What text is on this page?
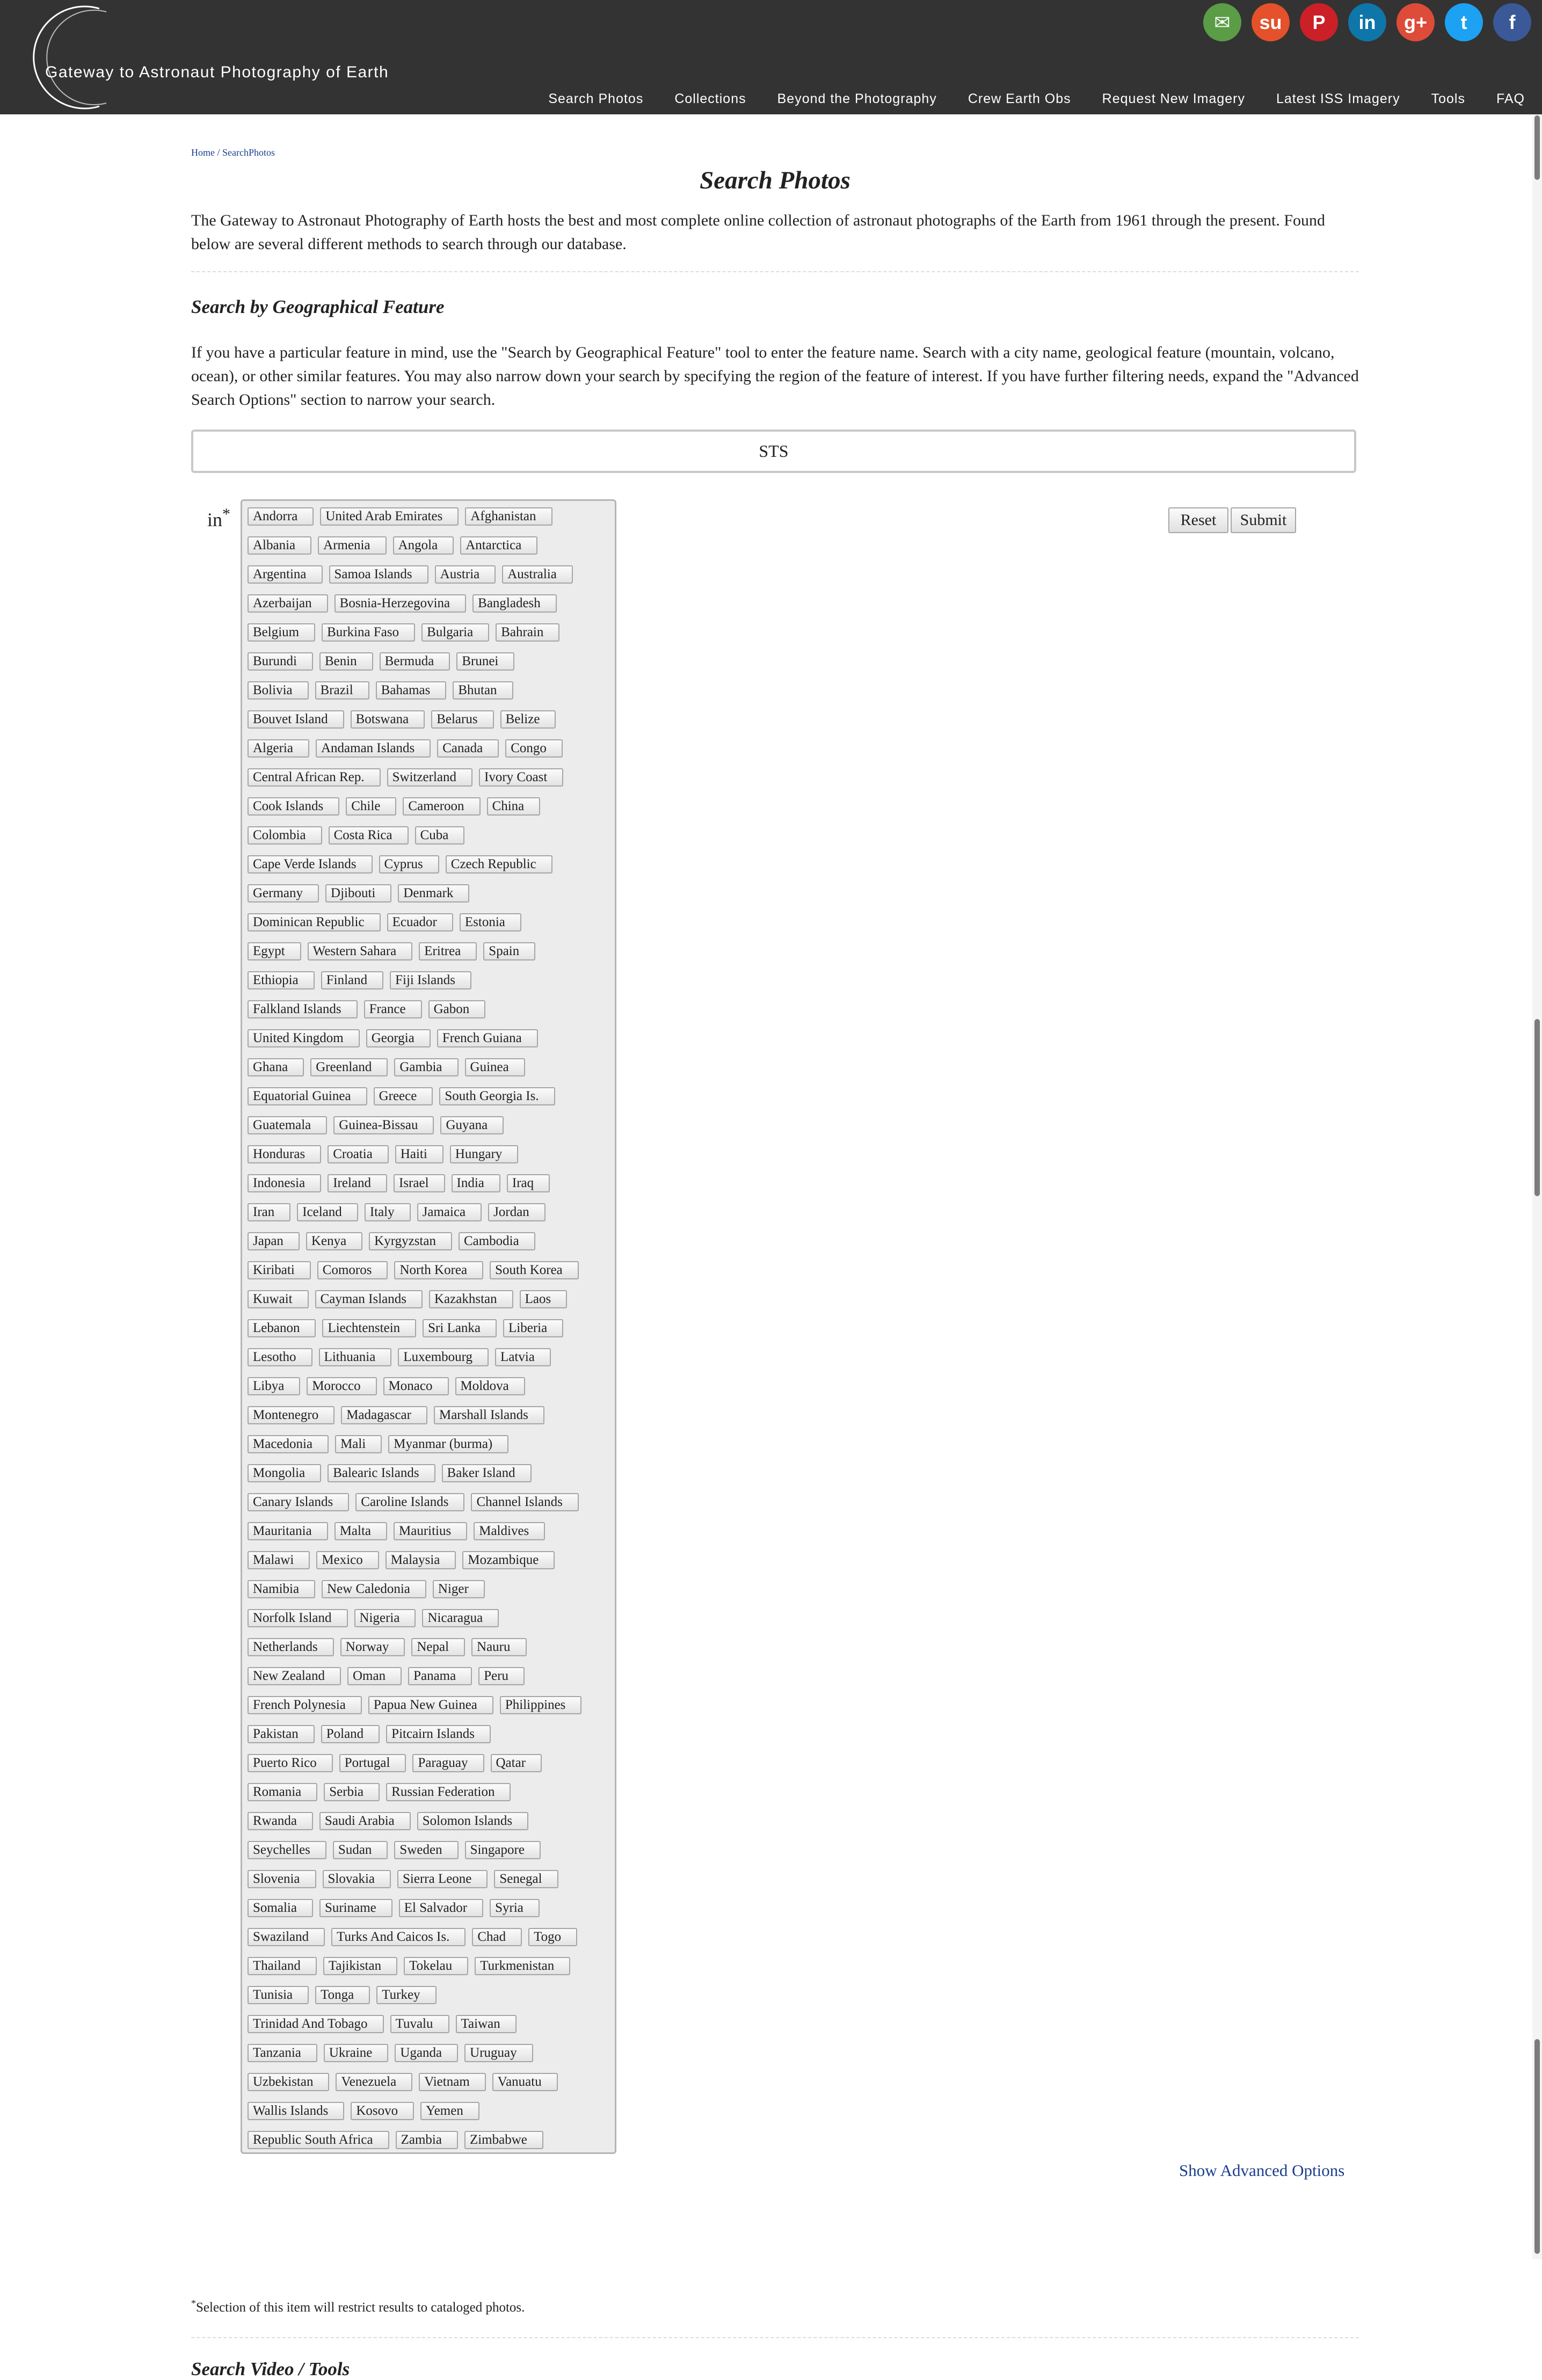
Gateway to Astronaut Photography of Earth
✉	su	P	in	g+	t	f
Search Photos Collections Beyond the Photography Crew Earth Obs Request New Imagery Latest ISS Imagery Tools FAQ
Home / SearchPhotos
Search Photos

The Gateway to Astronaut Photography of Earth hosts the best and most complete online collection of astronaut photographs of the Earth from 1961 through the present. Found below are several different methods to search through our database.

Search by Geographical Feature

If you have a particular feature in mind, use the "Search by Geographical Feature" tool to enter the feature name. Search with a city name, geological feature (mountain, volcano, ocean), or other similar features. You may also narrow down your search by specifying the region of the feature of interest. If you have further filtering needs, expand the "Advanced Search Options" section to narrow your search.

STS
in*	Andorra	United Arab Emirates	Afghanistan
Albania	Armenia	Angola	Antarctica
Argentina	Samoa Islands	Austria	Australia
Azerbaijan	Bosnia-Herzegovina	Bangladesh
Belgium	Burkina Faso	Bulgaria	Bahrain
Burundi	Benin	Bermuda	Brunei
Bolivia	Brazil	Bahamas	Bhutan
Bouvet Island	Botswana	Belarus	Belize
Algeria	Andaman Islands	Canada	Congo
Central African Rep.	Switzerland	Ivory Coast
Cook Islands	Chile	Cameroon	China
Colombia	Costa Rica	Cuba
Cape Verde Islands	Cyprus	Czech Republic
Germany	Djibouti	Denmark
Dominican Republic	Ecuador	Estonia
Egypt	Western Sahara	Eritrea	Spain
Ethiopia	Finland	Fiji Islands
Falkland Islands	France	Gabon
United Kingdom	Georgia	French Guiana
Ghana	Greenland	Gambia	Guinea
Equatorial Guinea	Greece	South Georgia Is.
Guatemala	Guinea-Bissau	Guyana
Honduras	Croatia	Haiti	Hungary
Indonesia	Ireland	Israel	India	Iraq
Iran	Iceland	Italy	Jamaica	Jordan
Japan	Kenya	Kyrgyzstan	Cambodia
Kiribati	Comoros	North Korea	South Korea
Kuwait	Cayman Islands	Kazakhstan	Laos
Lebanon	Liechtenstein	Sri Lanka	Liberia
Lesotho	Lithuania	Luxembourg	Latvia
Libya	Morocco	Monaco	Moldova
Montenegro	Madagascar	Marshall Islands
Macedonia	Mali	Myanmar (burma)
Mongolia	Balearic Islands	Baker Island
Canary Islands	Caroline Islands	Channel Islands
Mauritania	Malta	Mauritius	Maldives
Malawi	Mexico	Malaysia	Mozambique
Namibia	New Caledonia	Niger
Norfolk Island	Nigeria	Nicaragua
Netherlands	Norway	Nepal	Nauru
New Zealand	Oman	Panama	Peru
French Polynesia	Papua New Guinea	Philippines
Pakistan	Poland	Pitcairn Islands
Puerto Rico	Portugal	Paraguay	Qatar
Romania	Serbia	Russian Federation
Rwanda	Saudi Arabia	Solomon Islands
Seychelles	Sudan	Sweden	Singapore
Slovenia	Slovakia	Sierra Leone	Senegal
Somalia	Suriname	El Salvador	Syria
Swaziland	Turks And Caicos Is.	Chad	Togo
Thailand	Tajikistan	Tokelau	Turkmenistan
Tunisia	Tonga	Turkey
Trinidad And Tobago	Tuvalu	Taiwan
Tanzania	Ukraine	Uganda	Uruguay
Uzbekistan	Venezuela	Vietnam	Vanuatu
Wallis Islands	Kosovo	Yemen
Republic South Africa	Zambia	Zimbabwe
Reset	Submit
Show Advanced Options
*Selection of this item will restrict results to cataloged photos.
Search Video / Tools
